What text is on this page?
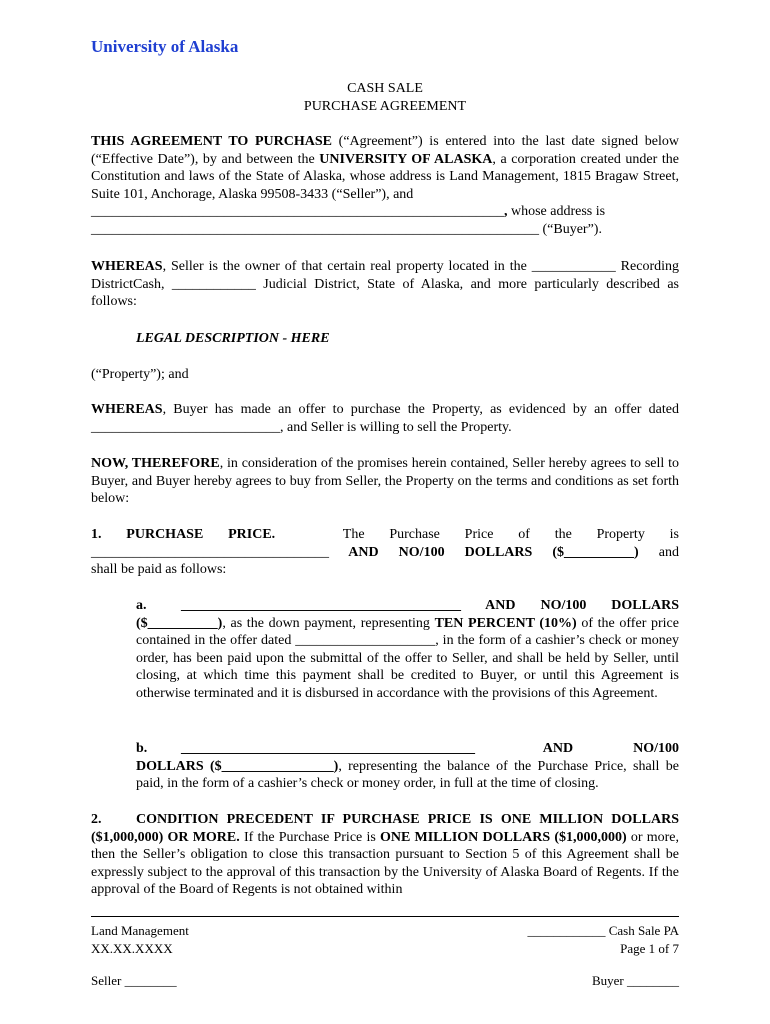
University of Alaska
CASH SALE
PURCHASE AGREEMENT
THIS AGREEMENT TO PURCHASE (“Agreement”) is entered into the last date signed below (“Effective Date”), by and between the UNIVERSITY OF ALASKA, a corporation created under the Constitution and laws of the State of Alaska, whose address is Land Management, 1815 Bragaw Street, Suite 101, Anchorage, Alaska 99508-3433 (“Seller”), and
___________________________________________________________, whose address is
________________________________________________________________ (“Buyer”).
WHEREAS, Seller is the owner of that certain real property located in the ____________ Recording DistrictCash, ____________ Judicial District, State of Alaska, and more particularly described as follows:
LEGAL DESCRIPTION - HERE
(“Property”); and
WHEREAS, Buyer has made an offer to purchase the Property, as evidenced by an offer dated ___________________________, and Seller is willing to sell the Property.
NOW, THEREFORE, in consideration of the promises herein contained, Seller hereby agrees to sell to Buyer, and Buyer hereby agrees to buy from Seller, the Property on the terms and conditions as set forth below:
1. PURCHASE PRICE.	The Purchase Price of the Property is
__________________________________ AND NO/100 DOLLARS ($__________) and
shall be paid as follows:
a. ________________________________________ AND NO/100 DOLLARS ($__________), as the down payment, representing TEN PERCENT (10%) of the offer price contained in the offer dated ____________________, in the form of a cashier’s check or money order, has been paid upon the submittal of the offer to Seller, and shall be held by Seller, until closing, at which time this payment shall be credited to Buyer, or until this Agreement is otherwise terminated and it is disbursed in accordance with the provisions of this Agreement.
b.	__________________________________________	AND	NO/100
DOLLARS ($________________), representing the balance of the Purchase Price, shall be paid, in the form of a cashier’s check or money order, in full at the time of closing.
2. CONDITION PRECEDENT IF PURCHASE PRICE IS ONE MILLION DOLLARS ($1,000,000) OR MORE. If the Purchase Price is ONE MILLION DOLLARS ($1,000,000) or more, then the Seller’s obligation to close this transaction pursuant to Section 5 of this Agreement shall be expressly subject to the approval of this transaction by the University of Alaska Board of Regents. If the approval of the Board of Regents is not obtained within
Land Management
XX.XX.XXXX
____________ Cash Sale PA
Page 1 of 7
Seller ________	Buyer ________
